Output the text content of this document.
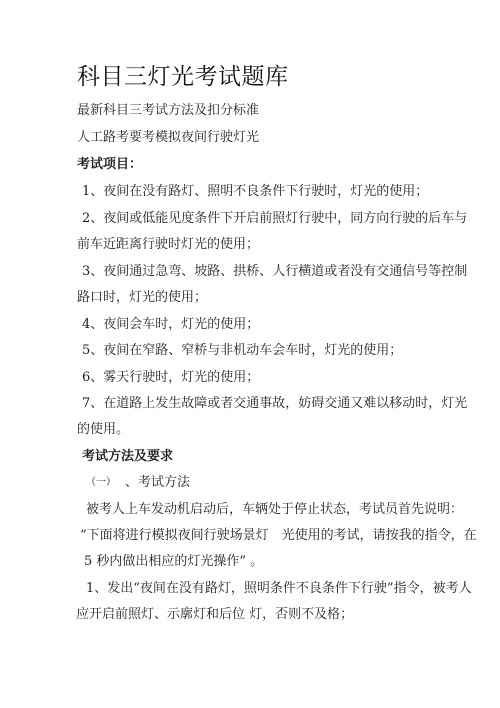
科目三灯光考试题库
最新科目三考试方法及扣分标准
人工路考要考模拟夜间行驶灯光
考试项目：
1、夜间在没有路灯、照明不良条件下行驶时，灯光的使用；
2、夜间或低能见度条件下开启前照灯行驶中，同方向行驶的后车与
前车近距离行驶时灯光的使用；
3、夜间通过急弯、坡路、拱桥、人行横道或者没有交通信号等控制
路口时，灯光的使用；
4、夜间会车时，灯光的使用；
5、夜间在窄路、窄桥与非机动车会车时，灯光的使用；
6、雾天行驶时，灯光的使用；
7、在道路上发生故障或者交通事故，妨碍交通又难以移动时，灯光
的使用。
考试方法及要求
（一） 、考试方法
被考人上车发动机启动后，车辆处于停止状态，考试员首先说明：
“下面将进行模拟夜间行驶场景灯　光使用的考试，请按我的指令，在
5 秒内做出相应的灯光操作” 。
1、发出“夜间在没有路灯，照明条件不良条件下行驶”指令，被考人
应开启前照灯、示廓灯和后位 灯，否则不及格；
